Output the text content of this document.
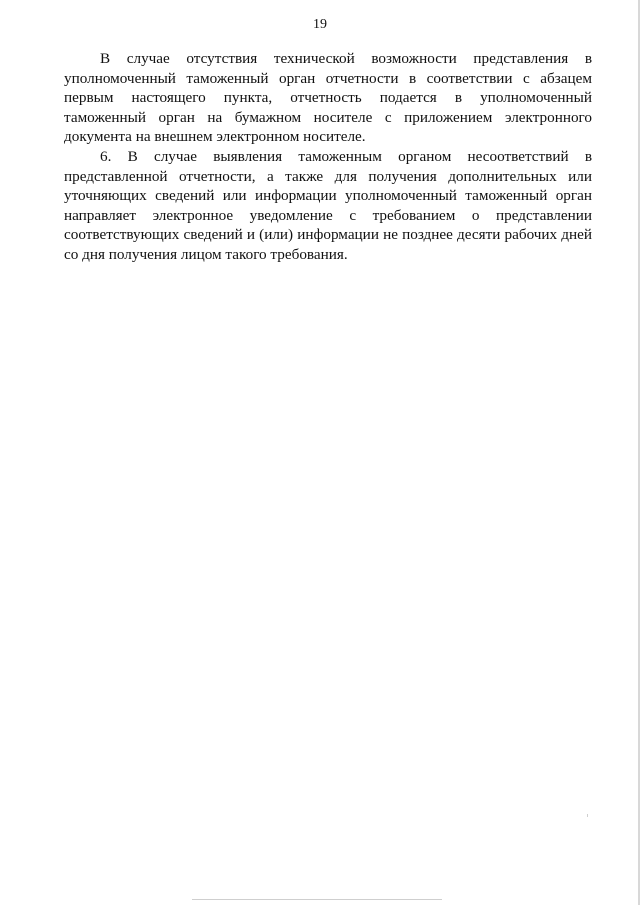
19

В случае отсутствия технической возможности представления в уполномоченный таможенный орган отчетности в соответствии с абзацем первым настоящего пункта, отчетность подается в уполномоченный таможенный орган на бумажном носителе с приложением электронного документа на внешнем электронном носителе.

6. В случае выявления таможенным органом несоответствий в представленной отчетности, а также для получения дополнительных или уточняющих сведений или информации уполномоченный таможенный орган направляет электронное уведомление с требованием о представлении соответствующих сведений и (или) информации не позднее десяти рабочих дней со дня получения лицом такого требования.
